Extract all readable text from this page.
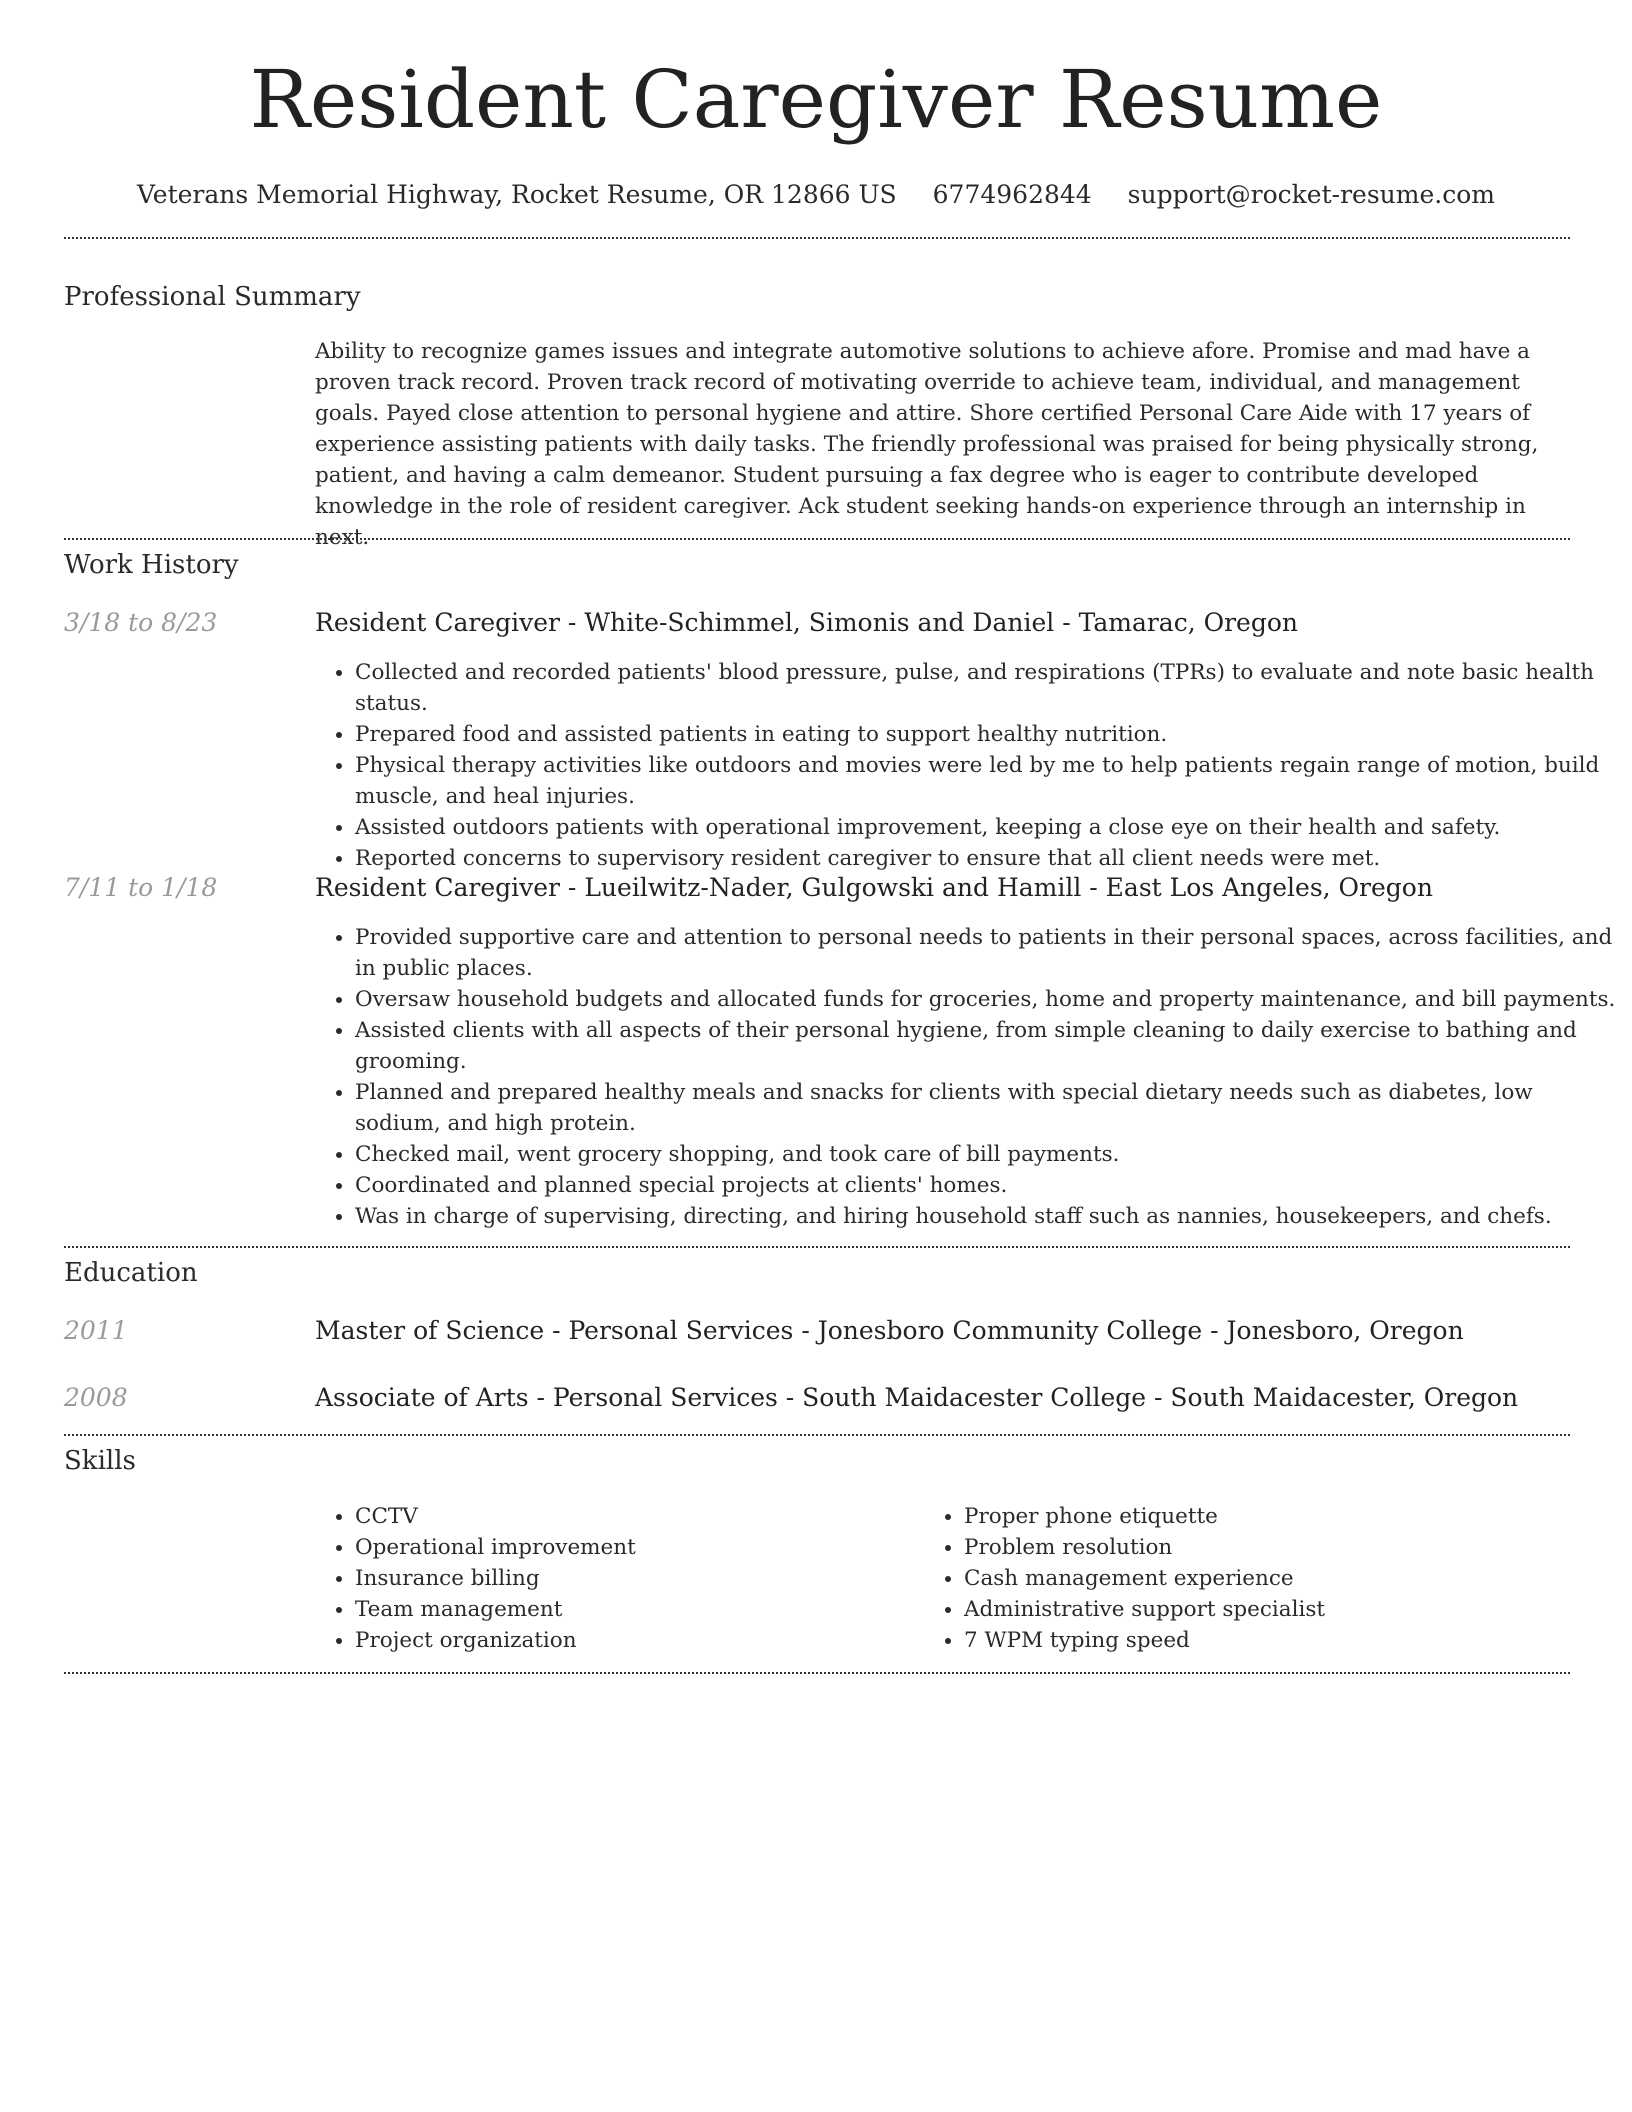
Resident Caregiver Resume
Veterans Memorial Highway, Rocket Resume, OR 12866 US 6774962844 support@rocket-resume.com
Professional Summary
Ability to recognize games issues and integrate automotive solutions to achieve afore. Promise and mad have a proven track record. Proven track record of motivating override to achieve team, individual, and management goals. Payed close attention to personal hygiene and attire. Shore certified Personal Care Aide with 17 years of experience assisting patients with daily tasks. The friendly professional was praised for being physically strong, patient, and having a calm demeanor. Student pursuing a fax degree who is eager to contribute developed knowledge in the role of resident caregiver. Ack student seeking hands-on experience through an internship in next.
Work History
3/18 to 8/23	Resident Caregiver - White-Schimmel, Simonis and Daniel - Tamarac, Oregon
• Collected and recorded patients' blood pressure, pulse, and respirations (TPRs) to evaluate and note basic health status.
• Prepared food and assisted patients in eating to support healthy nutrition.
• Physical therapy activities like outdoors and movies were led by me to help patients regain range of motion, build muscle, and heal injuries.
• Assisted outdoors patients with operational improvement, keeping a close eye on their health and safety.
• Reported concerns to supervisory resident caregiver to ensure that all client needs were met.
7/11 to 1/18	Resident Caregiver - Lueilwitz-Nader, Gulgowski and Hamill - East Los Angeles, Oregon
• Provided supportive care and attention to personal needs to patients in their personal spaces, across facilities, and in public places.
• Oversaw household budgets and allocated funds for groceries, home and property maintenance, and bill payments.
• Assisted clients with all aspects of their personal hygiene, from simple cleaning to daily exercise to bathing and grooming.
• Planned and prepared healthy meals and snacks for clients with special dietary needs such as diabetes, low sodium, and high protein.
• Checked mail, went grocery shopping, and took care of bill payments.
• Coordinated and planned special projects at clients' homes.
• Was in charge of supervising, directing, and hiring household staff such as nannies, housekeepers, and chefs.
Education
2011	Master of Science - Personal Services - Jonesboro Community College - Jonesboro, Oregon
2008	Associate of Arts - Personal Services - South Maidacester College - South Maidacester, Oregon
Skills
• CCTV
• Operational improvement
• Insurance billing
• Team management
• Project organization
• Proper phone etiquette
• Problem resolution
• Cash management experience
• Administrative support specialist
• 7 WPM typing speed
